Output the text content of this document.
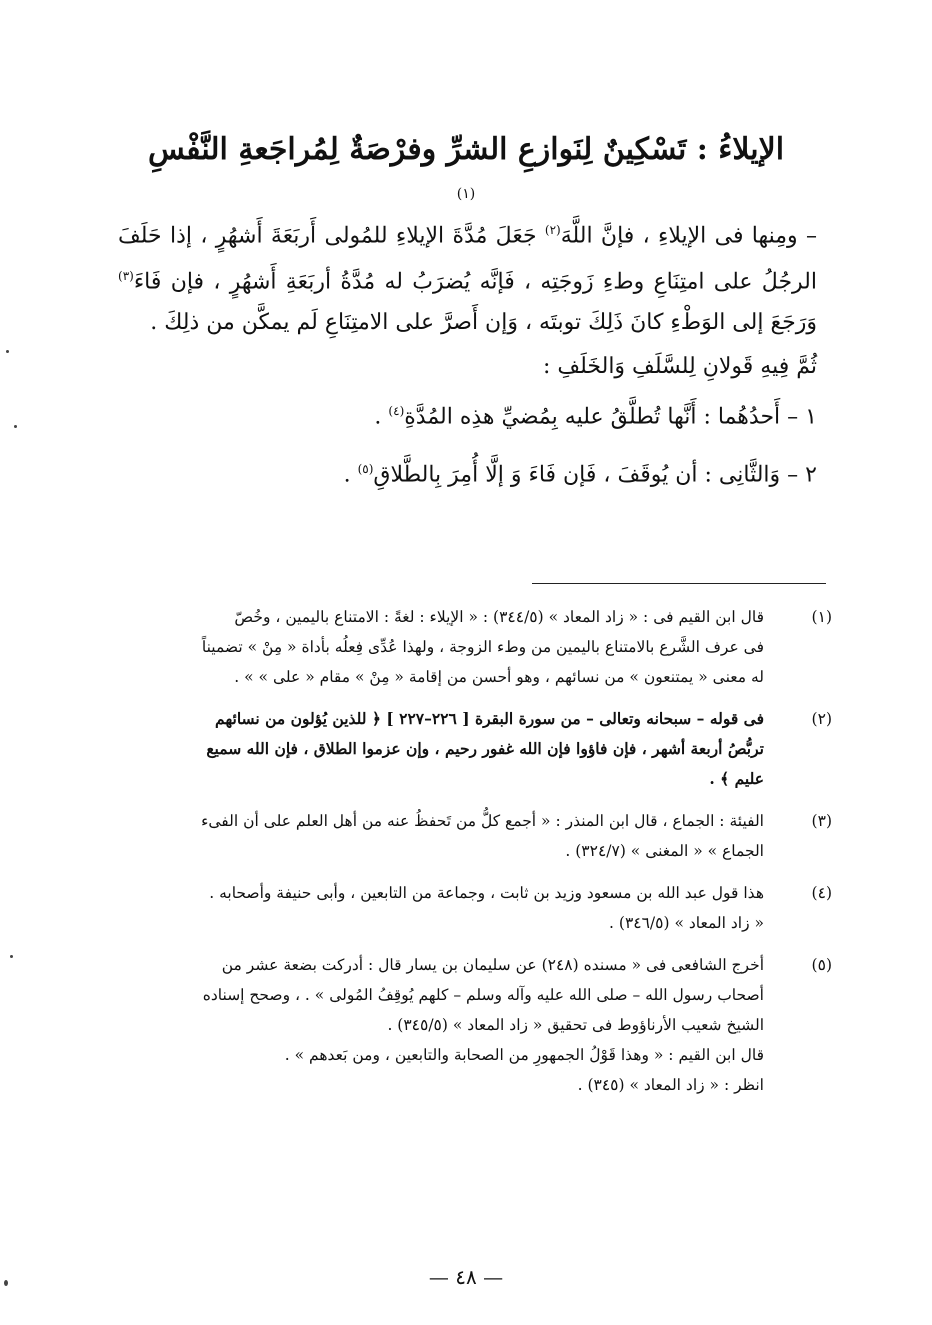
الإيلاءُ : تَسْكِينٌ لِنَوازعِ الشرِّ وفرْصَةٌ لِمُراجَعةِ النَّفْسِ $^{(١)}$

– ومِنها فى الإيلاءِ ، فإنَّ اللَّهَ$^{(٢)}$ جَعَلَ مُدَّةَ الإيلاءِ للمُولى أَربَعَةَ أَشهُرٍ ، إذا حَلَفَ الرجُلُ على امتِنَاعِ وطءِ زَوجَتِه ، فَإنَّه يُضرَبُ له مُدَّةُ أربَعَةِ أَشهُرٍ ، فإن فَاءَ$^{(٣)}$ وَرَجَعَ إلى الوَطْءِ كانَ ذَلِكَ توبتَه ، وَإن أَصرَّ على الامتِنَاعِ لَم يمكَّن من ذلِكَ .

ثُمَّ فِيهِ قَولانِ لِلسَّلَفِ وَالخَلَفِ :

١ – أَحدُهُما : أَنَّها تُطلَّقُ عليه بِمُضيِّ هذِه المُدَّةِ$^{(٤)}$ .

٢ – وَالثَّانِى : أن يُوقَفَ ، فَإن فَاءَ وَ إلَّا أُمِرَ بِالطَّلاقِ$^{(٥)}$ .

(١)

قال ابن القيم فى : « زاد المعاد » (٣٤٤/٥) : « الإيلاء : لغةً : الامتناع باليمين ، وخُصّ

فى عرف الشَّرع بالامتناع باليمين من وطء الزوجة ، ولهذا عُدِّى فِعلُه بأداة « مِنْ » تضميناً

له معنى « يمتنعون » من نسائهم ، وهو أحسن من إقامة « مِنْ » مقام « على » » .

(٢)

فى قوله – سبحانه وتعالى – من سورة البقرة [ ٢٢٦–٢٢٧ ] ﴿ للذين يُؤلون من نسائهم

تربُّصُ أربعة أشهر ، فإن فاؤوا فإن الله غفور رحيم ، وإن عزموا الطلاق ، فإن الله سميع

عليم ﴾ .

(٣)

الفيئة : الجماع ، قال ابن المنذر : « أجمع كلُّ من تَحفظُ عنه من أهل العلم على أن الفىء

الجماع » « المغنى » (٣٢٤/٧) .

(٤)

هذا قول عبد الله بن مسعود وزيد بن ثابت ، وجماعة من التابعين ، وأبى حنيفة وأصحابه .

« زاد المعاد » (٣٤٦/٥) .

(٥)

أخرج الشافعى فى « مسنده (٢٤٨) عن سليمان بن يسار قال : أدركت بضعة عشر من

أصحاب رسول الله – صلى الله عليه وآله وسلم – كلهم يُوقِفُ المُولى » . ، وصحح إسناده

الشيخ شعيب الأرناؤوط فى تحقيق « زاد المعاد » (٣٤٥/٥) .

قال ابن القيم : « وهذا قَوْلُ الجمهورِ من الصحابة والتابعين ، ومن بَعدهم » .

انظر : « زاد المعاد » (٣٤٥) .

— ٤٨ —
